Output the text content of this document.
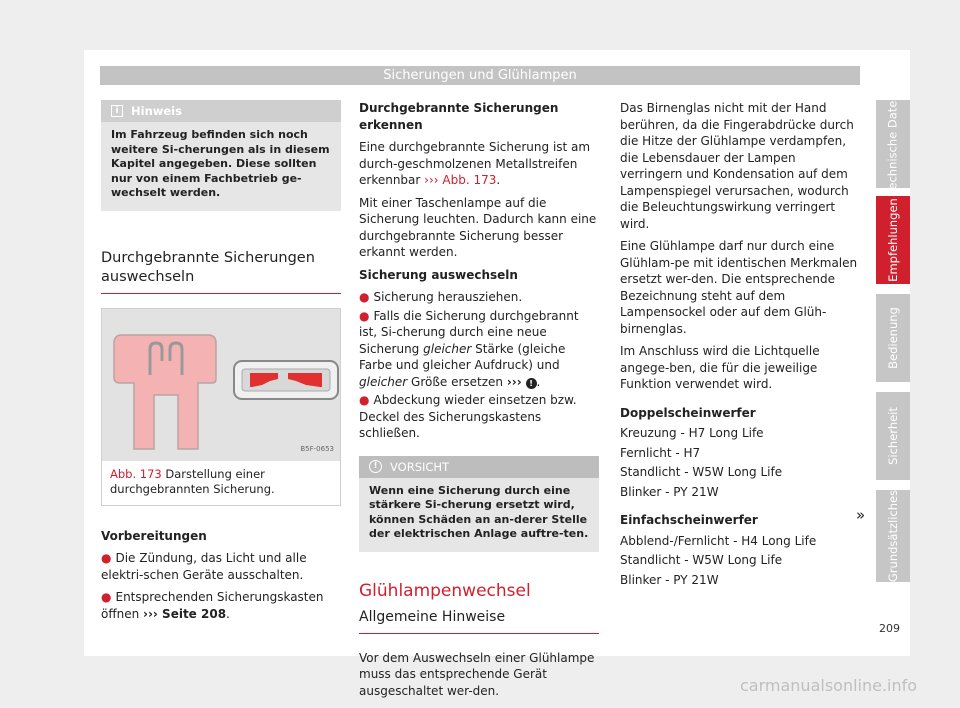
Sicherungen und Glühlampen
i	Hinweis
Im Fahrzeug befinden sich noch weitere Si-cherungen als in diesem Kapitel angegeben. Diese sollten nur von einem Fachbetrieb ge-wechselt werden.
Durchgebrannte Sicherungen auswechseln
B5F-0653
Abb. 173 Darstellung einer durchgebrannten Sicherung.

Vorbereitungen

● Die Zündung, das Licht und alle elektri-schen Geräte ausschalten.

● Entsprechenden Sicherungskasten öffnen ››› Seite 208.

Durchgebrannte Sicherungen erkennen

Eine durchgebrannte Sicherung ist am durch-geschmolzenen Metallstreifen erkennbar ››› Abb. 173.

Mit einer Taschenlampe auf die Sicherung leuchten. Dadurch kann eine durchgebrannte Sicherung besser erkannt werden.

Sicherung auswechseln

● Sicherung herausziehen.

● Falls die Sicherung durchgebrannt ist, Si-cherung durch eine neue Sicherung gleicher Stärke (gleiche Farbe und gleicher Aufdruck) und gleicher Größe ersetzen ››› ! .

● Abdeckung wieder einsetzen bzw. Deckel des Sicherungskastens schließen.

!	VORSICHT
Wenn eine Sicherung durch eine stärkere Si-cherung ersetzt wird, können Schäden an an-derer Stelle der elektrischen Anlage auftre-ten.
Glühlampenwechsel
Allgemeine Hinweise

Vor dem Auswechseln einer Glühlampe muss das entsprechende Gerät ausgeschaltet wer-den.

Das Birnenglas nicht mit der Hand berühren, da die Fingerabdrücke durch die Hitze der Glühlampe verdampfen, die Lebensdauer der Lampen verringern und Kondensation auf dem Lampenspiegel verursachen, wodurch die Beleuchtungswirkung verringert wird.

Eine Glühlampe darf nur durch eine Glühlam-pe mit identischen Merkmalen ersetzt wer-den. Die entsprechende Bezeichnung steht auf dem Lampensockel oder auf dem Glüh-birnenglas.

Im Anschluss wird die Lichtquelle angege-ben, die für die jeweilige Funktion verwendet wird.

Doppelscheinwerfer

Kreuzung - H7 Long Life

Fernlicht - H7

Standlicht - W5W Long Life

Blinker - PY 21W

Einfachscheinwerfer

Abblend-/Fernlicht - H4 Long Life

Standlicht - W5W Long Life

Blinker - PY 21W

»
Technische Daten
Empfehlungen
Bedienung
Sicherheit
Grundsätzliches
209
carmanualsonline.info
